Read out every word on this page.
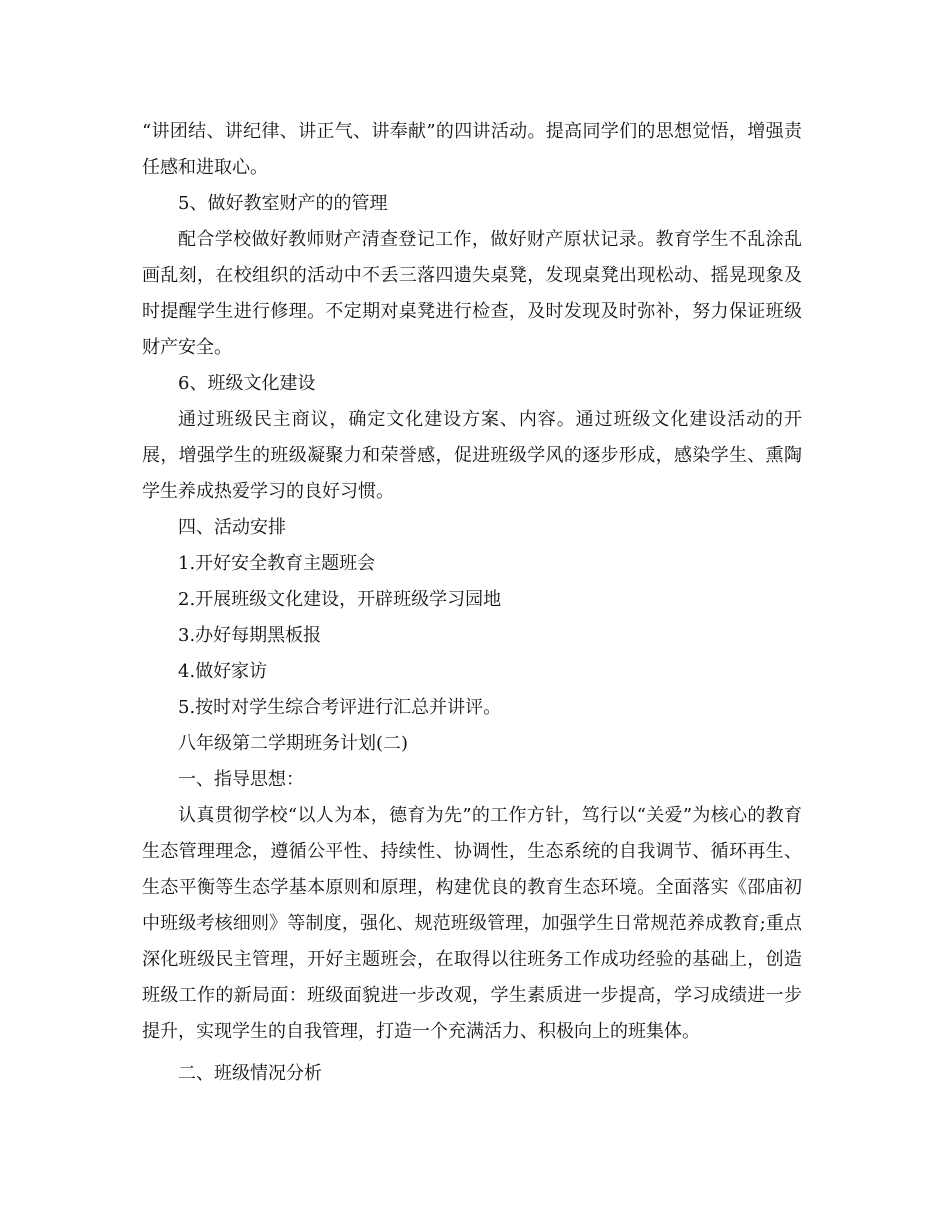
“讲团结、讲纪律、讲正气、讲奉献”的四讲活动。提高同学们的思想觉悟，增强责任感和进取心。

5、做好教室财产的的管理

配合学校做好教师财产清查登记工作，做好财产原状记录。教育学生不乱涂乱画乱刻，在校组织的活动中不丢三落四遗失桌凳，发现桌凳出现松动、摇晃现象及时提醒学生进行修理。不定期对桌凳进行检查，及时发现及时弥补，努力保证班级财产安全。

6、班级文化建设

通过班级民主商议，确定文化建设方案、内容。通过班级文化建设活动的开展，增强学生的班级凝聚力和荣誉感，促进班级学风的逐步形成，感染学生、熏陶学生养成热爱学习的良好习惯。

四、活动安排

1.开好安全教育主题班会

2.开展班级文化建设，开辟班级学习园地

3.办好每期黑板报

4.做好家访

5.按时对学生综合考评进行汇总并讲评。

八年级第二学期班务计划(二)

一、指导思想：

认真贯彻学校“以人为本，德育为先”的工作方针，笃行以“关爱”为核心的教育生态管理理念，遵循公平性、持续性、协调性，生态系统的自我调节、循环再生、生态平衡等生态学基本原则和原理，构建优良的教育生态环境。全面落实《邵庙初中班级考核细则》等制度，强化、规范班级管理，加强学生日常规范养成教育;重点深化班级民主管理，开好主题班会，在取得以往班务工作成功经验的基础上，创造班级工作的新局面：班级面貌进一步改观，学生素质进一步提高，学习成绩进一步提升，实现学生的自我管理，打造一个充满活力、积极向上的班集体。

二、班级情况分析
